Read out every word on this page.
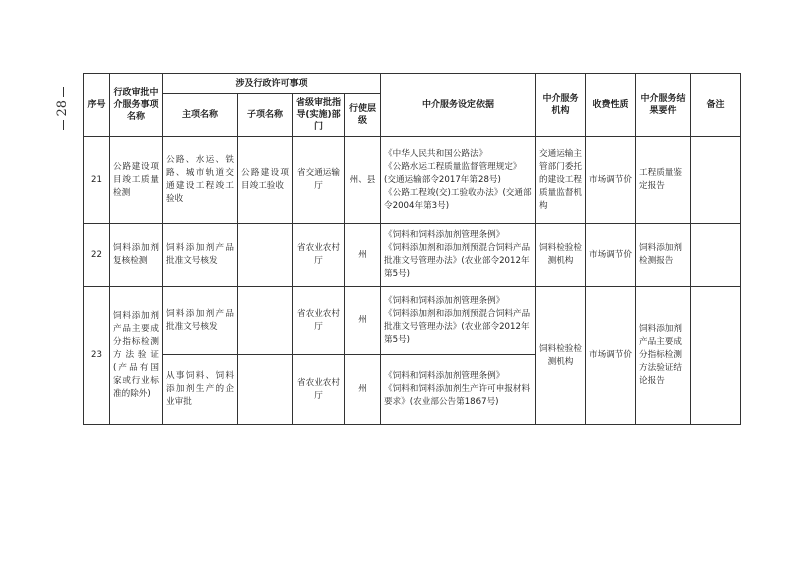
28 序号	行政审批中介服务事项名称	涉及行政许可事项				中介服务设定依据	中介服务机构	收费性质	中介服务结果要件	备注
		主项名称	子项名称	省级审批指导(实施)部门	行使层级					
21	公路建设项目竣工质量检测	公路、水运、铁路、城市轨道交通建设工程竣工验收	公路建设项目竣工验收	省交通运输厅	州、县	《中华人民共和国公路法》
《公路水运工程质量监督管理规定》(交通运输部令2017年第28号)
《公路工程竣(交)工验收办法》(交通部令2004年第3号)	交通运输主管部门委托的建设工程质量监督机构	市场调节价	工程质量鉴定报告	
22	饲料添加剂复核检测	饲料添加剂产品批准文号核发		省农业农村厅	州	《饲料和饲料添加剂管理条例》
《饲料添加剂和添加剂预混合饲料产品批准文号管理办法》(农业部令2012年第5号)	饲料检验检测机构	市场调节价	饲料添加剂检测报告	
23	饲料添加剂产品主要成分指标检测方法验证(产品有国家或行业标准的除外)	饲料添加剂产品批准文号核发		省农业农村厅	州	《饲料和饲料添加剂管理条例》
《饲料添加剂和添加剂预混合饲料产品批准文号管理办法》(农业部令2012年第5号)	饲料检验检测机构	市场调节价	饲料添加剂产品主要成分指标检测方法验证结论报告	
		从事饲料、饲料添加剂生产的企业审批		省农业农村厅	州	《饲料和饲料添加剂管理条例》
《饲料和饲料添加剂生产许可申报材料要求》(农业部公告第1867号)				
